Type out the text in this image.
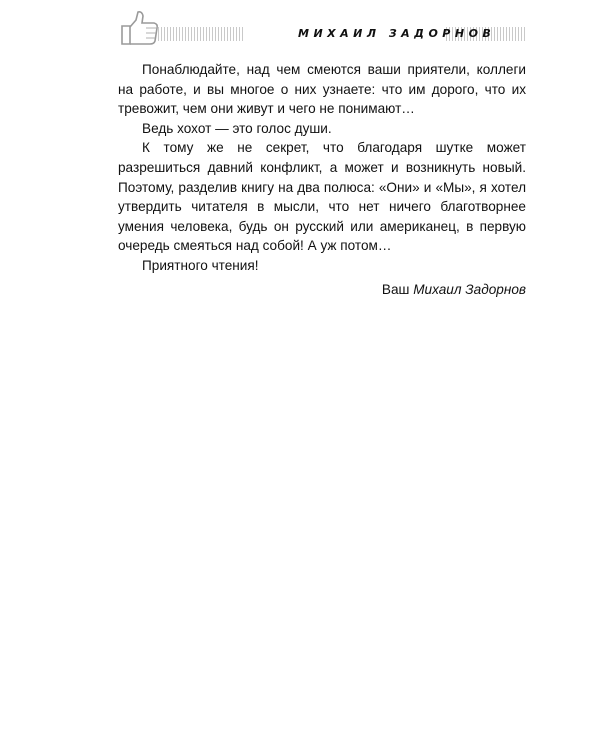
МИХАИЛ ЗАДОРНОВ

Понаблюдайте, над чем смеются ваши приятели, коллеги на работе, и вы многое о них узнаете: что им дорого, что их тревожит, чем они живут и чего не понимают…

Ведь хохот — это голос души.

К тому же не секрет, что благодаря шутке может разрешиться давний конфликт, а может и возникнуть новый. Поэтому, разделив книгу на два полюса: «Они» и «Мы», я хотел утвердить читателя в мысли, что нет ничего благотворнее умения человека, будь он русский или американец, в первую очередь смеяться над собой! А уж потом…

Приятного чтения!

Ваш Михаил Задорнов
